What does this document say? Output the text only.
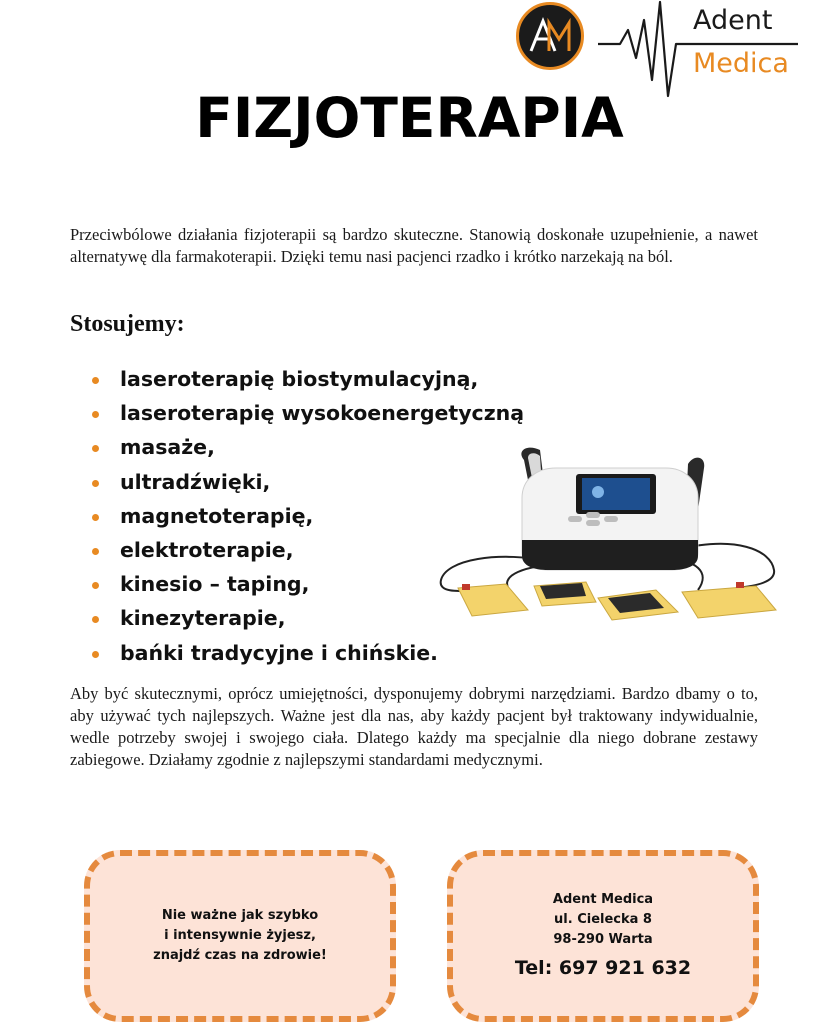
Adent
Medica
FIZJOTERAPIA

Przeciwbólowe działania fizjoterapii są bardzo skuteczne. Stanowią doskonałe uzupełnienie, a nawet alternatywę dla farmakoterapii. Dzięki temu nasi pacjenci rzadko i krótko narzekają na ból.

Stosujemy:
laseroterapię biostymulacyjną,
laseroterapię wysokoenergetyczną
masaże,
ultradźwięki,
magnetoterapię,
elektroterapie,
kinesio – taping,
kinezyterapie,
bańki tradycyjne i chińskie.

Aby być skutecznymi, oprócz umiejętności, dysponujemy dobrymi narzędziami. Bardzo dbamy o to, aby używać tych najlepszych. Ważne jest dla nas, aby każdy pacjent był traktowany indywidualnie, wedle potrzeby swojej i swojego ciała. Dlatego każdy ma specjalnie dla niego dobrane zestawy zabiegowe. Działamy zgodnie z najlepszymi standardami medycznymi.

Nie ważne jak szybko
i intensywnie żyjesz,
znajdź czas na zdrowie!
Adent Medica
ul. Cielecka 8
98-290 Warta
Tel: 697 921 632
